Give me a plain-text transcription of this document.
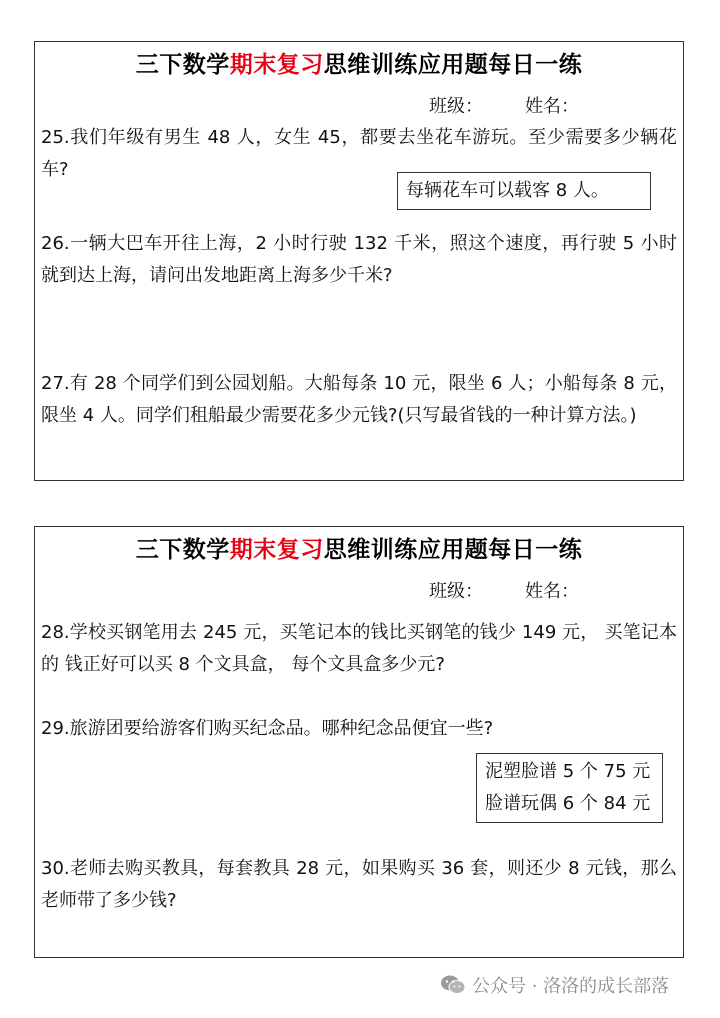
三下数学期末复习思维训练应用题每日一练
班级： 姓名：
25.我们年级有男生 48 人，女生 45，都要去坐花车游玩。至少需要多少辆花车?
每辆花车可以载客 8 人。
26.一辆大巴车开往上海，2 小时行驶 132 千米，照这个速度，再行驶 5 小时就到达上海，请问出发地距离上海多少千米?
27.有 28 个同学们到公园划船。大船每条 10 元，限坐 6 人；小船每条 8 元，限坐 4 人。同学们租船最少需要花多少元钱?(只写最省钱的一种计算方法。)
三下数学期末复习思维训练应用题每日一练
班级： 姓名：
28.学校买钢笔用去 245 元，买笔记本的钱比买钢笔的钱少 149 元， 买笔记本的 钱正好可以买 8 个文具盒， 每个文具盒多少元?
29.旅游团要给游客们购买纪念品。哪种纪念品便宜一些?
泥塑脸谱 5 个 75 元
脸谱玩偶 6 个 84 元
30.老师去购买教具，每套教具 28 元，如果购买 36 套，则还少 8 元钱，那么老师带了多少钱?
公众号 · 洛洛的成长部落
